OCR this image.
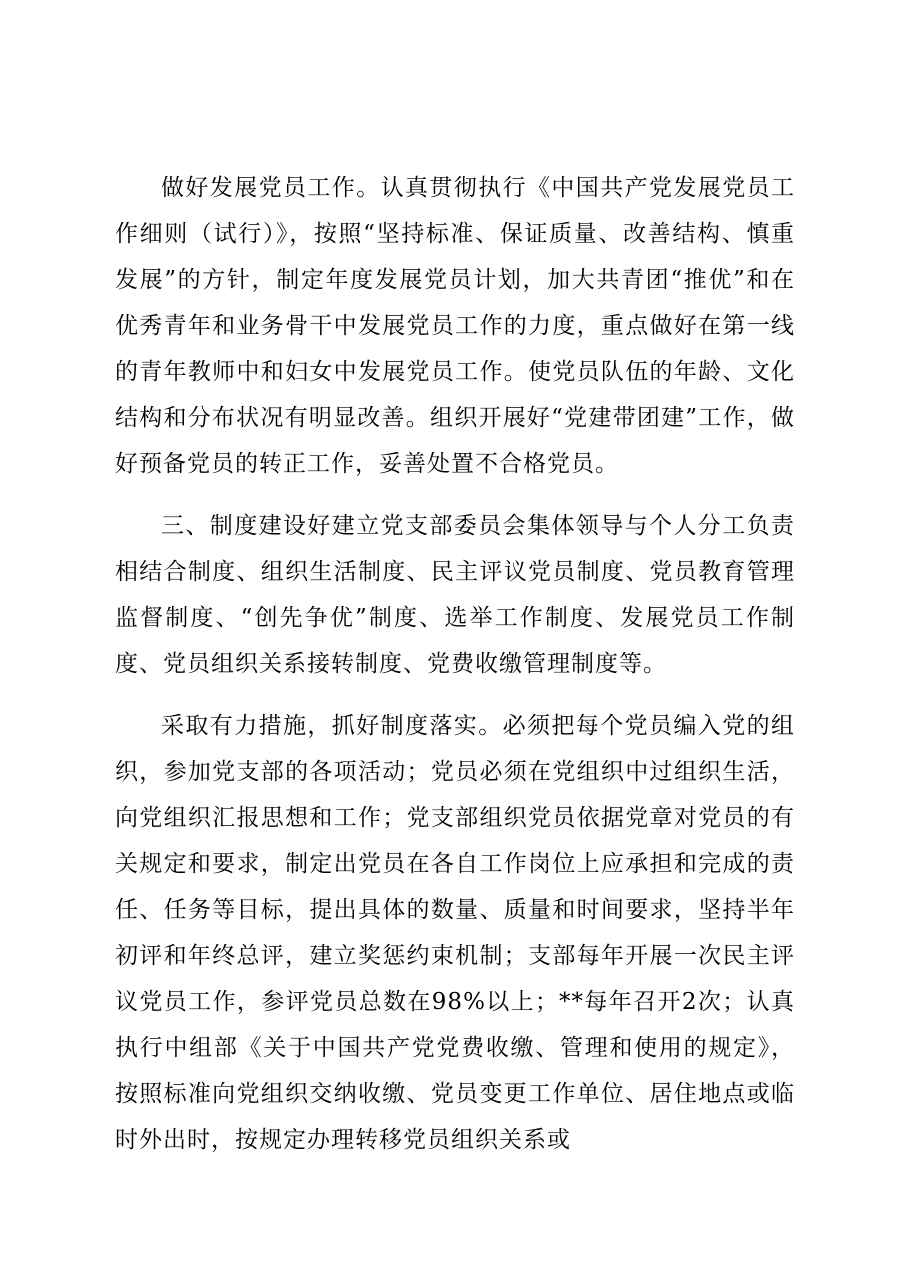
做好发展党员工作。认真贯彻执行《中国共产党发展党员工作细则（试行）》，按照“坚持标准、保证质量、改善结构、慎重发展”的方针，制定年度发展党员计划，加大共青团“推优”和在优秀青年和业务骨干中发展党员工作的力度，重点做好在第一线的青年教师中和妇女中发展党员工作。使党员队伍的年龄、文化结构和分布状况有明显改善。组织开展好“党建带团建”工作，做好预备党员的转正工作，妥善处置不合格党员。

三、制度建设好建立党支部委员会集体领导与个人分工负责相结合制度、组织生活制度、民主评议党员制度、党员教育管理监督制度、“创先争优”制度、选举工作制度、发展党员工作制度、党员组织关系接转制度、党费收缴管理制度等。

采取有力措施，抓好制度落实。必须把每个党员编入党的组织，参加党支部的各项活动；党员必须在党组织中过组织生活，向党组织汇报思想和工作；党支部组织党员依据党章对党员的有关规定和要求，制定出党员在各自工作岗位上应承担和完成的责任、任务等目标，提出具体的数量、质量和时间要求，坚持半年初评和年终总评，建立奖惩约束机制；支部每年开展一次民主评议党员工作，参评党员总数在98%以上；**每年召开2次；认真执行中组部《关于中国共产党党费收缴、管理和使用的规定》，按照标准向党组织交纳收缴、党员变更工作单位、居住地点或临时外出时，按规定办理转移党员组织关系或
